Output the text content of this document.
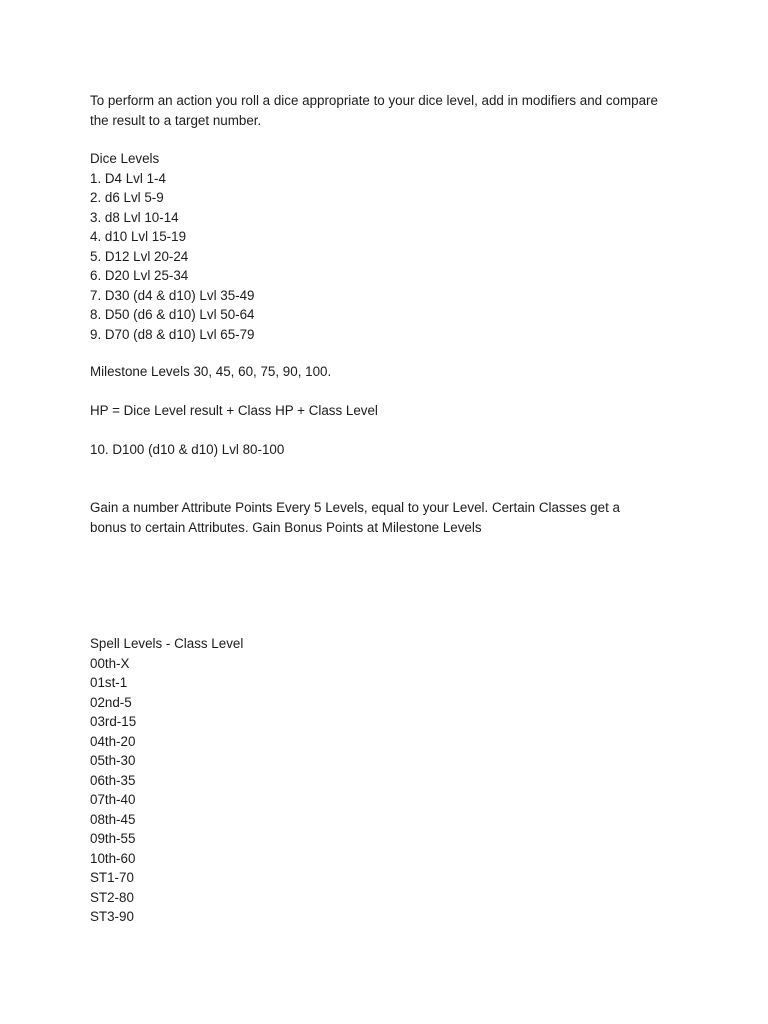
To perform an action you roll a dice appropriate to your dice level, add in modifiers and compare
the result to a target number.
Dice Levels
1. D4 Lvl 1-4
2. d6 Lvl 5-9
3. d8 Lvl 10-14
4. d10 Lvl 15-19
5. D12 Lvl 20-24
6. D20 Lvl 25-34
7. D30 (d4 & d10) Lvl 35-49
8. D50 (d6 & d10) Lvl 50-64
9. D70 (d8 & d10) Lvl 65-79
Milestone Levels 30, 45, 60, 75, 90, 100.
HP = Dice Level result + Class HP + Class Level
10. D100 (d10 & d10) Lvl 80-100
Gain a number Attribute Points Every 5 Levels, equal to your Level. Certain Classes get a
bonus to certain Attributes. Gain Bonus Points at Milestone Levels
Spell Levels - Class Level
00th-X
01st-1
02nd-5
03rd-15
04th-20
05th-30
06th-35
07th-40
08th-45
09th-55
10th-60
ST1-70
ST2-80
ST3-90
